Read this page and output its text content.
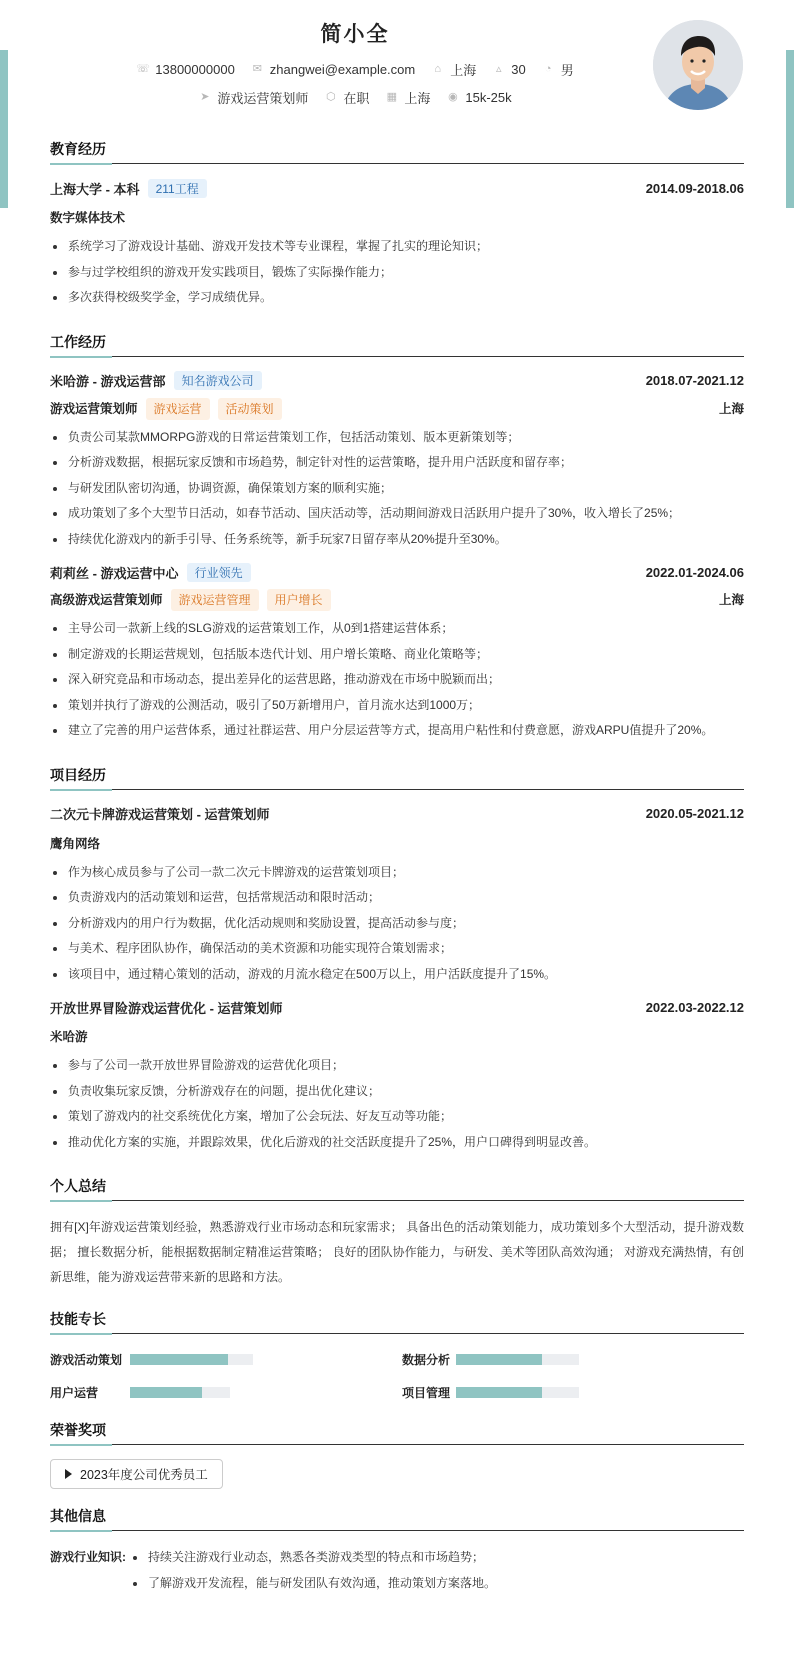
简小全
☏ 13800000000 ✉ zhangwei@example.com ⌂ 上海	▵ 30 ◔ 男
➤ 游戏运营策划师 ⬡ 在职 ▦ 上海 ◉ 15k-25k
教育经历
上海大学 - 本科	211工程	2014.09-2018.06
数字媒体技术
系统学习了游戏设计基础、游戏开发技术等专业课程，掌握了扎实的理论知识；
参与过学校组织的游戏开发实践项目，锻炼了实际操作能力；
多次获得校级奖学金，学习成绩优异。
工作经历
米哈游 - 游戏运营部	知名游戏公司	2018.07-2021.12
游戏运营策划师	游戏运营	活动策划	上海
负责公司某款MMORPG游戏的日常运营策划工作，包括活动策划、版本更新策划等；
分析游戏数据，根据玩家反馈和市场趋势，制定针对性的运营策略，提升用户活跃度和留存率；
与研发团队密切沟通，协调资源，确保策划方案的顺利实施；
成功策划了多个大型节日活动，如春节活动、国庆活动等，活动期间游戏日活跃用户提升了30%，收入增长了25%；
持续优化游戏内的新手引导、任务系统等，新手玩家7日留存率从20%提升至30%。
莉莉丝 - 游戏运营中心	行业领先	2022.01-2024.06
高级游戏运营策划师	游戏运营管理	用户增长	上海
主导公司一款新上线的SLG游戏的运营策划工作，从0到1搭建运营体系；
制定游戏的长期运营规划，包括版本迭代计划、用户增长策略、商业化策略等；
深入研究竞品和市场动态，提出差异化的运营思路，推动游戏在市场中脱颖而出；
策划并执行了游戏的公测活动，吸引了50万新增用户，首月流水达到1000万；
建立了完善的用户运营体系，通过社群运营、用户分层运营等方式，提高用户粘性和付费意愿，游戏ARPU值提升了20%。
项目经历
二次元卡牌游戏运营策划 - 运营策划师	2020.05-2021.12
鹰角网络
作为核心成员参与了公司一款二次元卡牌游戏的运营策划项目；
负责游戏内的活动策划和运营，包括常规活动和限时活动；
分析游戏内的用户行为数据，优化活动规则和奖励设置，提高活动参与度；
与美术、程序团队协作，确保活动的美术资源和功能实现符合策划需求；
该项目中，通过精心策划的活动，游戏的月流水稳定在500万以上，用户活跃度提升了15%。
开放世界冒险游戏运营优化 - 运营策划师	2022.03-2022.12
米哈游
参与了公司一款开放世界冒险游戏的运营优化项目；
负责收集玩家反馈，分析游戏存在的问题，提出优化建议；
策划了游戏内的社交系统优化方案，增加了公会玩法、好友互动等功能；
推动优化方案的实施，并跟踪效果，优化后游戏的社交活跃度提升了25%，用户口碑得到明显改善。
个人总结
拥有[X]年游戏运营策划经验，熟悉游戏行业市场动态和玩家需求； 具备出色的活动策划能力，成功策划多个大型活动，提升游戏数据； 擅长数据分析，能根据数据制定精准运营策略； 良好的团队协作能力，与研发、美术等团队高效沟通； 对游戏充满热情，有创新思维，能为游戏运营带来新的思路和方法。
技能专长
游戏活动策划	数据分析
用户运营	项目管理
荣誉奖项
2023年度公司优秀员工
其他信息
游戏行业知识:	持续关注游戏行业动态，熟悉各类游戏类型的特点和市场趋势；
了解游戏开发流程，能与研发团队有效沟通，推动策划方案落地。
